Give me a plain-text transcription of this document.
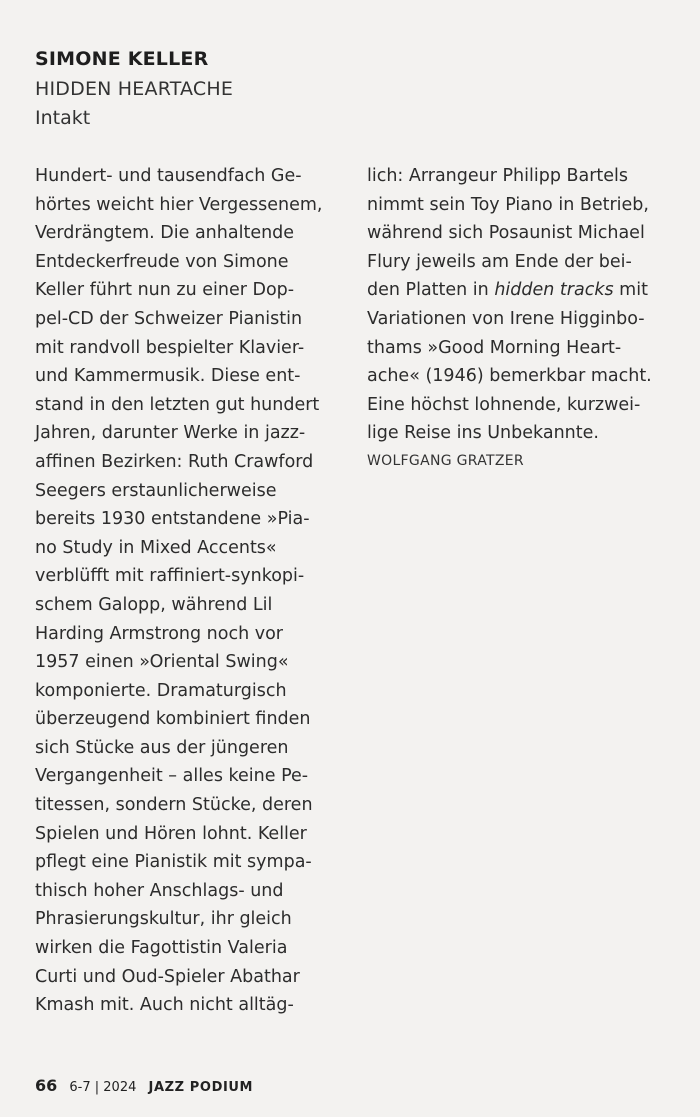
SIMONE KELLER
HIDDEN HEARTACHE
Intakt
Hundert- und tausendfach Ge-
hörtes weicht hier Vergessenem,
Verdrängtem. Die anhaltende
Entdeckerfreude von Simone
Keller führt nun zu einer Dop-
pel-CD der Schweizer Pianistin
mit randvoll bespielter Klavier-
und Kammermusik. Diese ent-
stand in den letzten gut hundert
Jahren, darunter Werke in jazz-
affinen Bezirken: Ruth Crawford
Seegers erstaunlicherweise
bereits 1930 entstandene »Pia-
no Study in Mixed Accents«
verblüfft mit raffiniert-synkopi-
schem Galopp, während Lil
Harding Armstrong noch vor
1957 einen »Oriental Swing«
komponierte. Dramaturgisch
überzeugend kombiniert finden
sich Stücke aus der jüngeren
Vergangenheit – alles keine Pe-
titessen, sondern Stücke, deren
Spielen und Hören lohnt. Keller
pflegt eine Pianistik mit sympa-
thisch hoher Anschlags- und
Phrasierungskultur, ihr gleich
wirken die Fagottistin Valeria
Curti und Oud-Spieler Abathar
Kmash mit. Auch nicht alltäg-
lich: Arrangeur Philipp Bartels
nimmt sein Toy Piano in Betrieb,
während sich Posaunist Michael
Flury jeweils am Ende der bei-
den Platten in hidden tracks mit
Variationen von Irene Higginbo-
thams »Good Morning Heart-
ache« (1946) bemerkbar macht.
Eine höchst lohnende, kurzwei-
lige Reise ins Unbekannte.
WOLFGANG GRATZER
66 6-7 | 2024 JAZZ PODIUM
